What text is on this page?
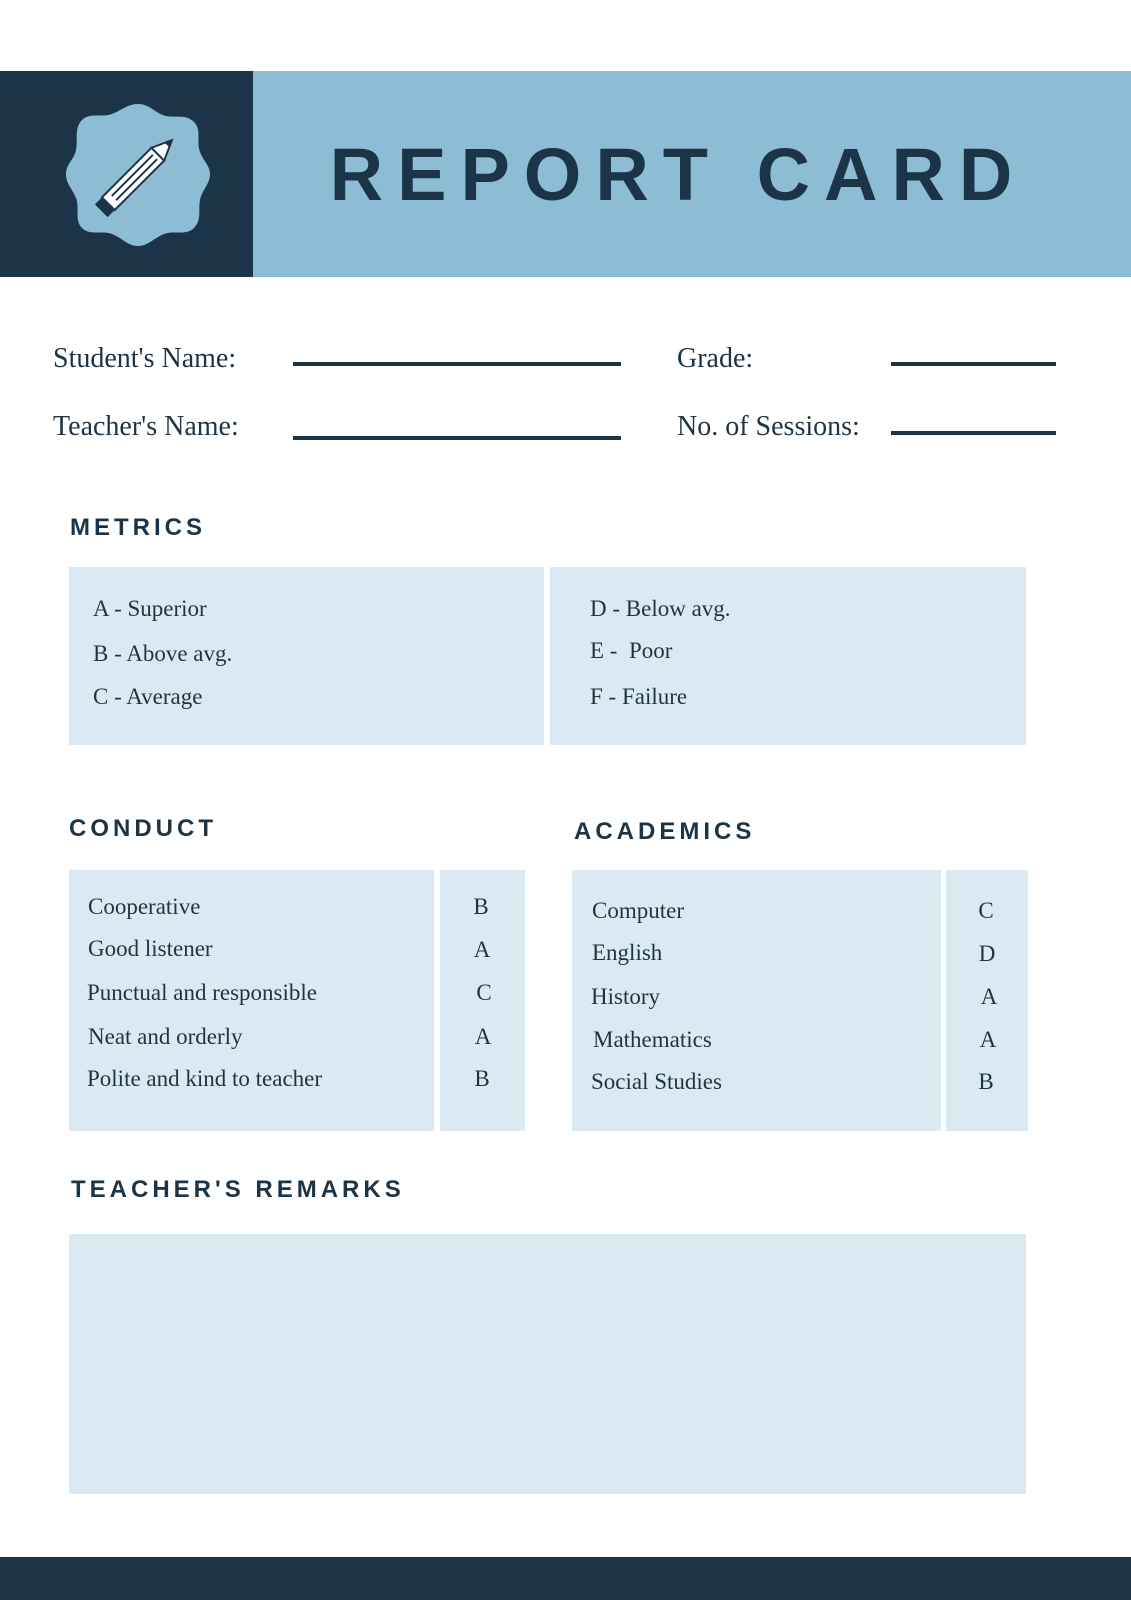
REPORT CARD
Student's Name:
Teacher's Name:
Grade:
No. of Sessions:
METRICS
A - Superior
B - Above avg.
C - Average
D - Below avg.
E -  Poor
F - Failure
CONDUCT
Cooperative	B
Good listener	A
Punctual and responsible	C
Neat and orderly	A
Polite and kind to teacher	B
ACADEMICS
Computer	C
English	D
History	A
Mathematics	A
Social Studies	B
TEACHER'S REMARKS
